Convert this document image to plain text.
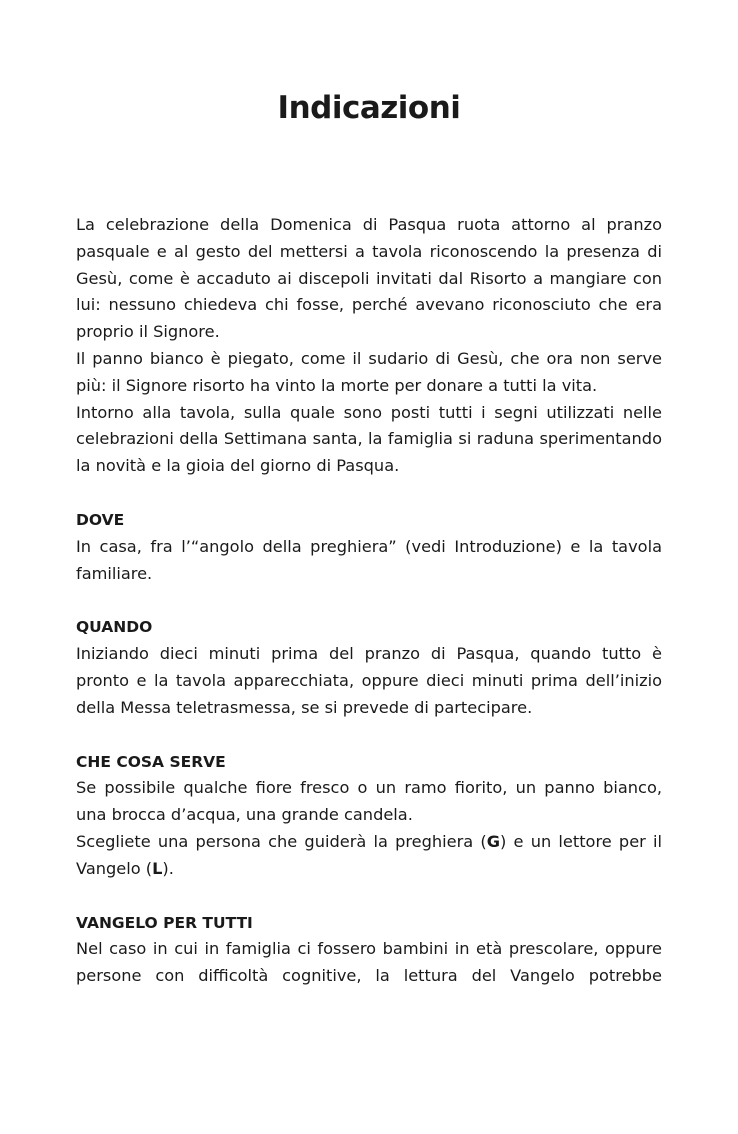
Indicazioni

La celebrazione della Domenica di Pasqua ruota attorno al pranzo pasquale e al gesto del mettersi a tavola riconoscendo la presenza di Gesù, come è accaduto ai discepoli invitati dal Risorto a mangiare con lui: nessuno chiedeva chi fosse, perché avevano riconosciuto che era proprio il Signore.

Il panno bianco è piegato, come il sudario di Gesù, che ora non serve più: il Signore risorto ha vinto la morte per donare a tutti la vita.

Intorno alla tavola, sulla quale sono posti tutti i segni utilizzati nelle celebrazioni della Settimana santa, la famiglia si raduna sperimentando la novità e la gioia del giorno di Pasqua.

DOVE

In casa, fra l’“angolo della preghiera” (vedi Introduzione) e la tavola familiare.

QUANDO

Iniziando dieci minuti prima del pranzo di Pasqua, quando tutto è pronto e la tavola apparecchiata, oppure dieci minuti prima dell’inizio della Messa teletrasmessa, se si prevede di partecipare.

CHE COSA SERVE

Se possibile qualche fiore fresco o un ramo fiorito, un panno bianco, una brocca d’acqua, una grande candela.

Scegliete una persona che guiderà la preghiera (G) e un lettore per il Vangelo (L).

VANGELO PER TUTTI

Nel caso in cui in famiglia ci fossero bambini in età prescolare, oppure persone con difficoltà cognitive, la lettura del Vangelo potrebbe
